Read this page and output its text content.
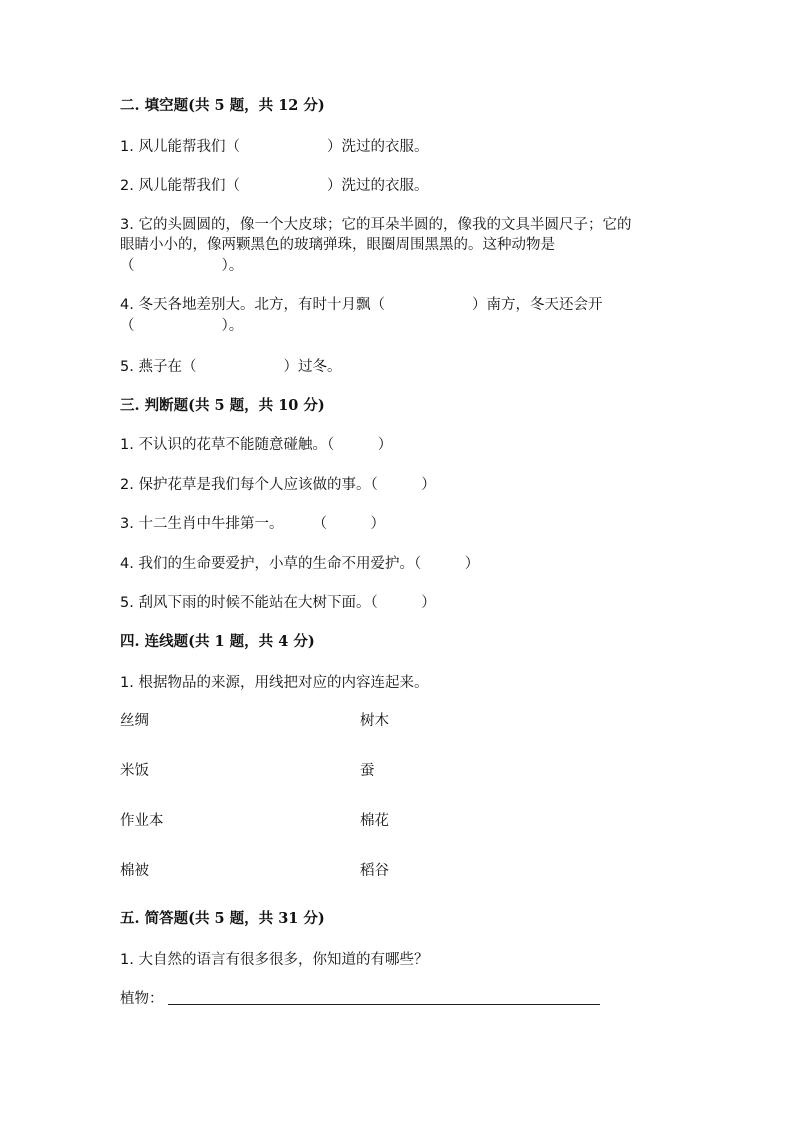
二. 填空题(共 5 题，共 12 分)
1. 风儿能帮我们（　　　　　　）洗过的衣服。
2. 风儿能帮我们（　　　　　　）洗过的衣服。
3. 它的头圆圆的，像一个大皮球；它的耳朵半圆的，像我的文具半圆尺子；它的
眼睛小小的，像两颗黑色的玻璃弹珠，眼圈周围黑黑的。这种动物是
（　　　　　　）。
4. 冬天各地差别大。北方，有时十月飘（　　　　　　）南方，冬天还会开
（　　　　　　）。
5. 燕子在（　　　　　　）过冬。
三. 判断题(共 5 题，共 10 分)
1. 不认识的花草不能随意碰触。（　　　）
2. 保护花草是我们每个人应该做的事。（　　　）
3. 十二生肖中牛排第一。　　　（　　　）
4. 我们的生命要爱护，小草的生命不用爱护。（　　　）
5. 刮风下雨的时候不能站在大树下面。（　　　）
四. 连线题(共 1 题，共 4 分)
1. 根据物品的来源，用线把对应的内容连起来。
丝绸	树木
米饭	蚕
作业本	棉花
棉被	稻谷
五. 简答题(共 5 题，共 31 分)
1. 大自然的语言有很多很多，你知道的有哪些？
植物：
